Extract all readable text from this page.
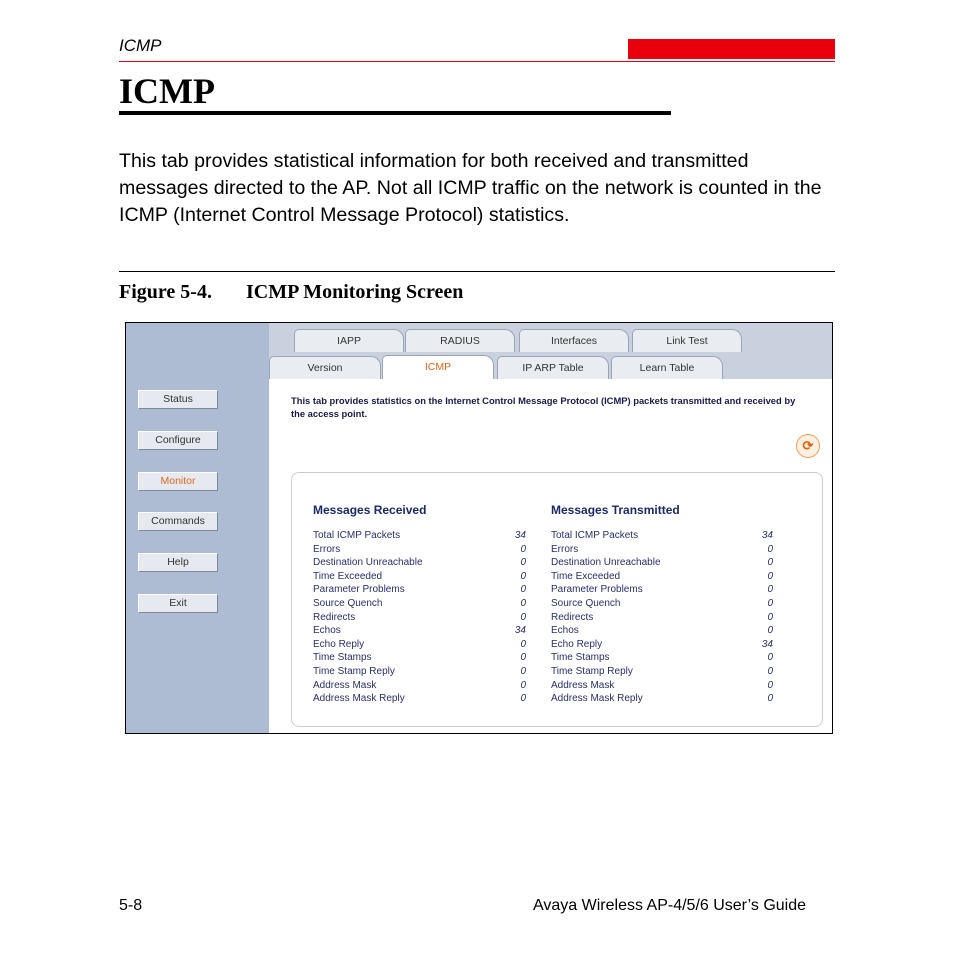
ICMP
ICMP
This tab provides statistical information for both received and transmitted messages directed to the AP. Not all ICMP traffic on the network is counted in the ICMP (Internet Control Message Protocol) statistics.
Figure 5-4. ICMP Monitoring Screen
Status
Configure
Monitor
Commands
Help
Exit
IAPP	RADIUS	Interfaces	Link Test
Version	ICMP	IP ARP Table	Learn Table
This tab provides statistics on the Internet Control Message Protocol (ICMP) packets transmitted and received by the access point.
⟳
Messages Received	Messages Transmitted
Total ICMP Packets	34
Errors	0
Destination Unreachable	0
Time Exceeded	0
Parameter Problems	0
Source Quench	0
Redirects	0
Echos	34
Echo Reply	0
Time Stamps	0
Time Stamp Reply	0
Address Mask	0
Address Mask Reply	0
Total ICMP Packets	34
Errors	0
Destination Unreachable	0
Time Exceeded	0
Parameter Problems	0
Source Quench	0
Redirects	0
Echos	0
Echo Reply	34
Time Stamps	0
Time Stamp Reply	0
Address Mask	0
Address Mask Reply	0
5-8	Avaya Wireless AP-4/5/6 User’s Guide
